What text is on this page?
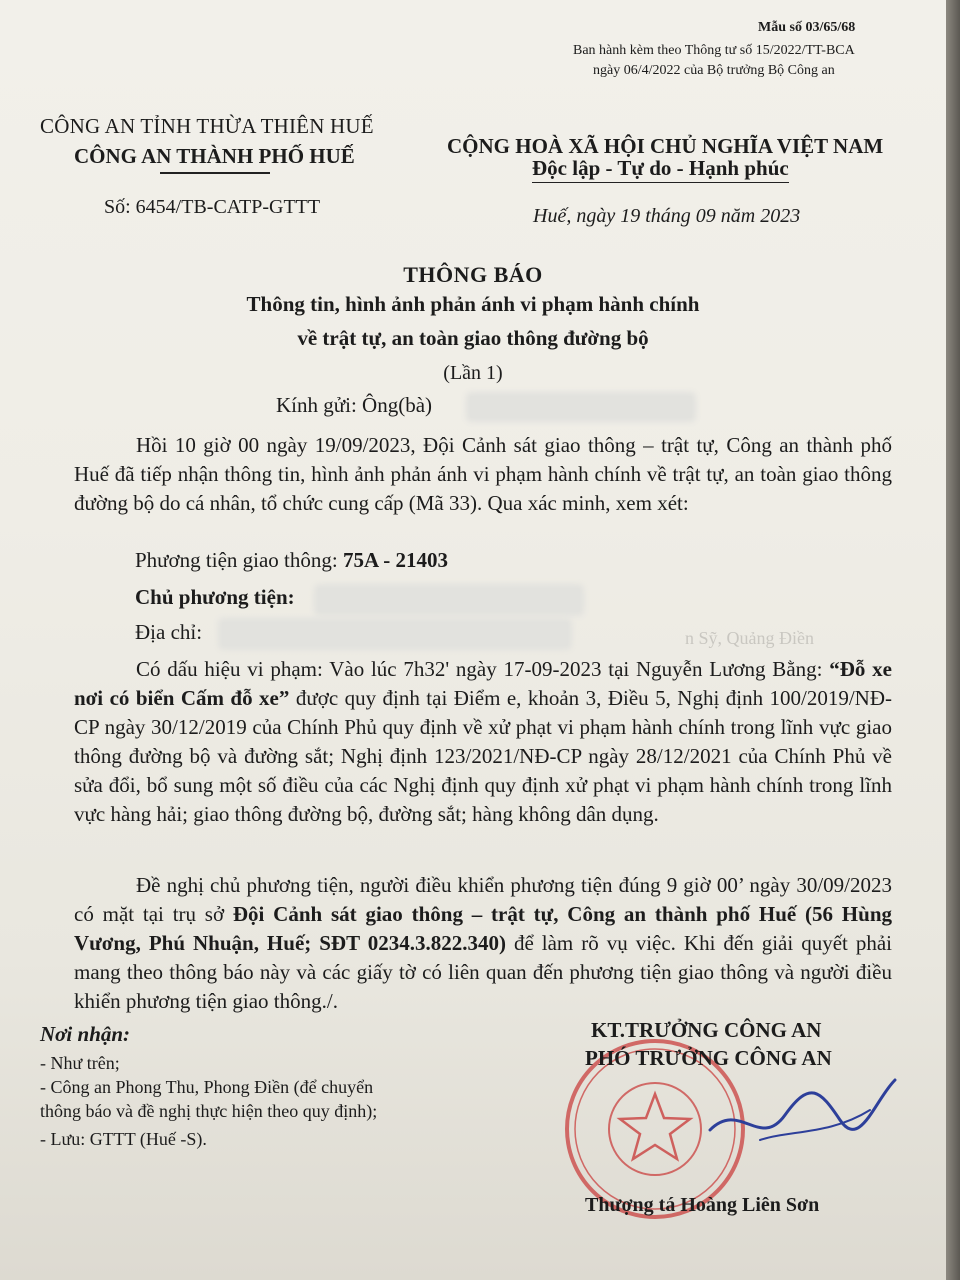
Mẫu số 03/65/68
Ban hành kèm theo Thông tư số 15/2022/TT-BCA
ngày 06/4/2022 của Bộ trưởng Bộ Công an
CÔNG AN TỈNH THỪA THIÊN HUẾ
CÔNG AN THÀNH PHỐ HUẾ	CỘNG HOÀ XÃ HỘI CHỦ NGHĨA VIỆT NAM
Độc lập - Tự do - Hạnh phúc
Số: 6454/TB-CATP-GTTT	Huế, ngày 19 tháng 09 năm 2023
THÔNG BÁO
Thông tin, hình ảnh phản ánh vi phạm hành chính
về trật tự, an toàn giao thông đường bộ
(Lần 1)
Kính gửi: Ông(bà)
Hồi 10 giờ 00 ngày 19/09/2023, Đội Cảnh sát giao thông – trật tự, Công an thành phố Huế đã tiếp nhận thông tin, hình ảnh phản ánh vi phạm hành chính về trật tự, an toàn giao thông đường bộ do cá nhân, tổ chức cung cấp (Mã 33). Qua xác minh, xem xét:
Phương tiện giao thông: 75A - 21403
Chủ phương tiện:
Địa chỉ:	n Sỹ, Quảng Điền
Có dấu hiệu vi phạm: Vào lúc 7h32' ngày 17-09-2023 tại Nguyễn Lương Bằng: “Đỗ xe nơi có biển Cấm đỗ xe” được quy định tại Điểm e, khoản 3, Điều 5, Nghị định 100/2019/NĐ-CP ngày 30/12/2019 của Chính Phủ quy định về xử phạt vi phạm hành chính trong lĩnh vực giao thông đường bộ và đường sắt; Nghị định 123/2021/NĐ-CP ngày 28/12/2021 của Chính Phủ về sửa đổi, bổ sung một số điều của các Nghị định quy định xử phạt vi phạm hành chính trong lĩnh vực hàng hải; giao thông đường bộ, đường sắt; hàng không dân dụng.
Đề nghị chủ phương tiện, người điều khiển phương tiện đúng 9 giờ 00’ ngày 30/09/2023 có mặt tại trụ sở Đội Cảnh sát giao thông – trật tự, Công an thành phố Huế (56 Hùng Vương, Phú Nhuận, Huế; SĐT 0234.3.822.340) để làm rõ vụ việc. Khi đến giải quyết phải mang theo thông báo này và các giấy tờ có liên quan đến phương tiện giao thông và người điều khiển phương tiện giao thông./.
Nơi nhận:
- Như trên;
- Công an Phong Thu, Phong Điền (để chuyển
thông báo và đề nghị thực hiện theo quy định);
- Lưu: GTTT (Huế -S).
KT.TRƯỞNG CÔNG AN
PHÓ TRƯỞNG CÔNG AN
Thượng tá Hoàng Liên Sơn
